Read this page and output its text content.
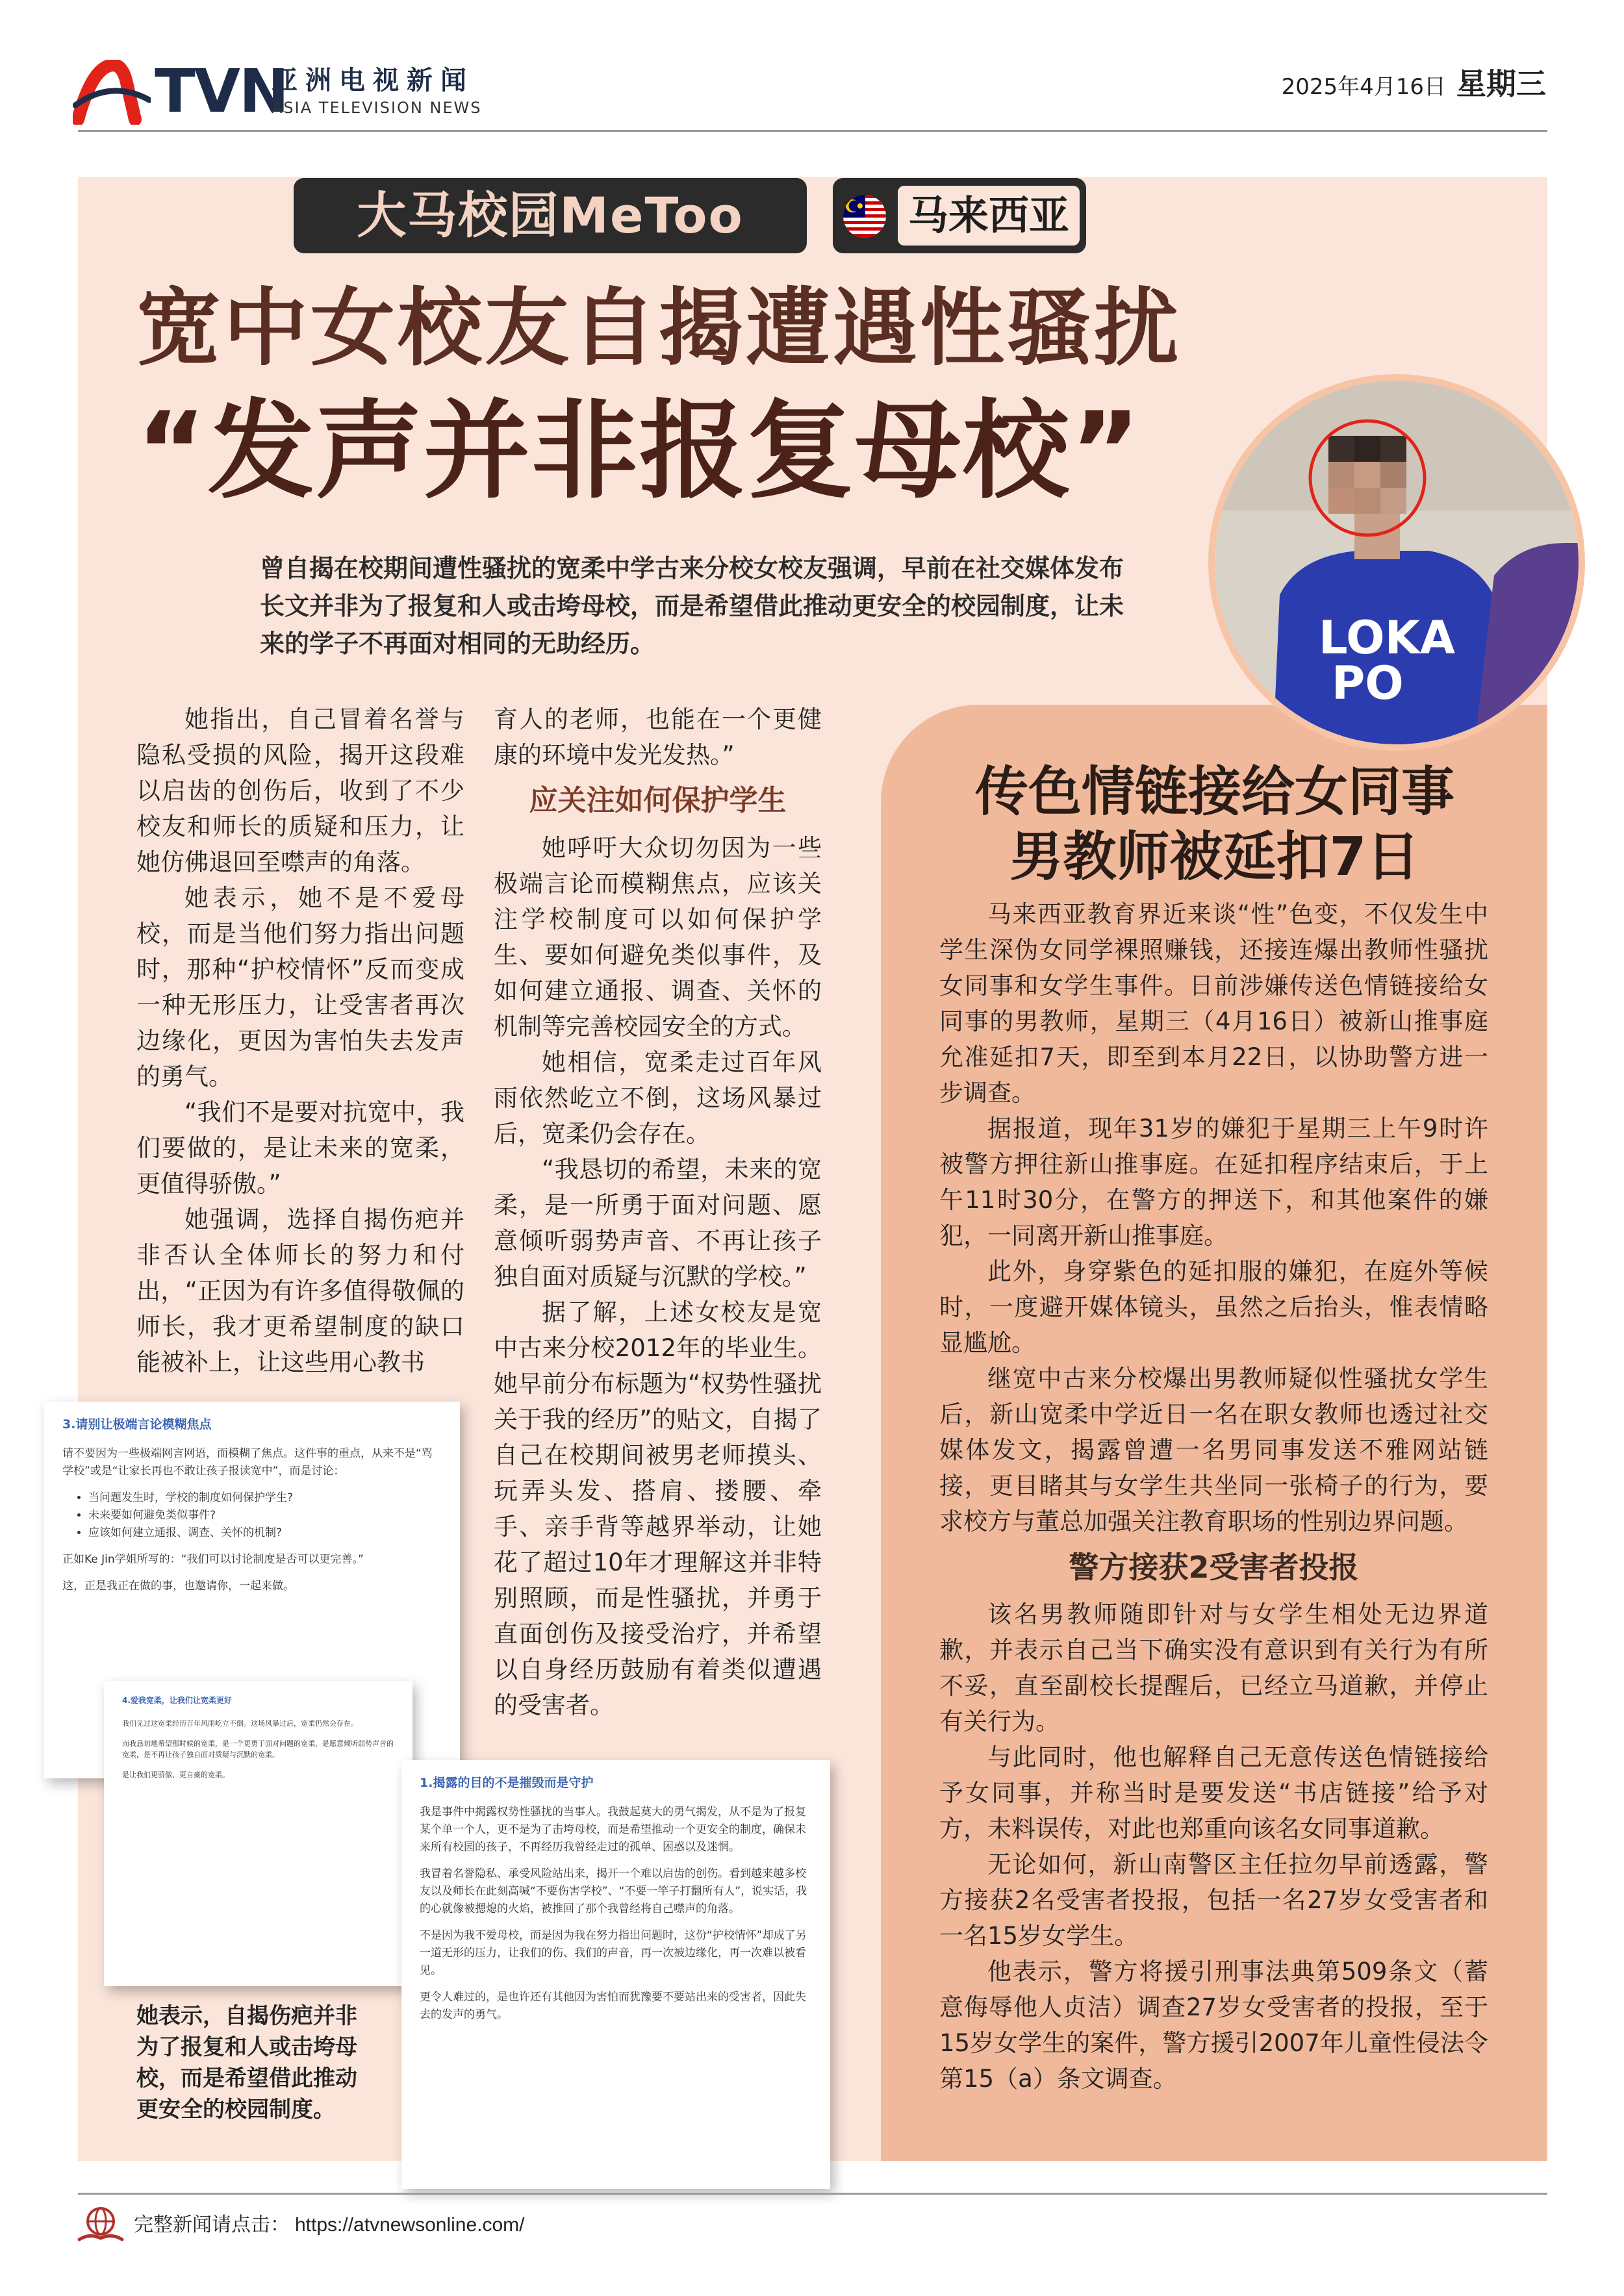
TVN
亚洲电视新闻
ASIA TELEVISION NEWS
2025年4月16日 星期三
大马校园MeToo	马来西亚
宽中女校友自揭遭遇性骚扰
“发声并非报复母校”
LOKA
PO
曾自揭在校期间遭性骚扰的宽柔中学古来分校女校友强调，早前在社交媒体发布长文并非为了报复和人或击垮母校，而是希望借此推动更安全的校园制度，让未来的学子不再面对相同的无助经历。

她指出，自己冒着名誉与隐私受损的风险，揭开这段难以启齿的创伤后，收到了不少校友和师长的质疑和压力，让她仿佛退回至噤声的角落。

她表示，她不是不爱母校，而是当他们努力指出问题时，那种“护校情怀”反而变成一种无形压力，让受害者再次边缘化，更因为害怕失去发声的勇气。

“我们不是要对抗宽中，我们要做的，是让未来的宽柔，更值得骄傲。”

她强调，选择自揭伤疤并非否认全体师长的努力和付出，“正因为有许多值得敬佩的师长，我才更希望制度的缺口能被补上，让这些用心教书

育人的老师，也能在一个更健康的环境中发光发热。”

应关注如何保护学生

她呼吁大众切勿因为一些极端言论而模糊焦点，应该关注学校制度可以如何保护学生、要如何避免类似事件，及如何建立通报、调查、关怀的机制等完善校园安全的方式。

她相信，宽柔走过百年风雨依然屹立不倒，这场风暴过后，宽柔仍会存在。

“我恳切的希望，未来的宽柔，是一所勇于面对问题、愿意倾听弱势声音、不再让孩子独自面对质疑与沉默的学校。”

据了解，上述女校友是宽中古来分校2012年的毕业生。她早前分布标题为“权势性骚扰 关于我的经历”的贴文，自揭了自己在校期间被男老师摸头、玩弄头发、搭肩、搂腰、牵手、亲手背等越界举动，让她花了超过10年才理解这并非特别照顾，而是性骚扰，并勇于直面创伤及接受治疗，并希望以自身经历鼓励有着类似遭遇的受害者。

她表示，自揭伤疤并非为了报复和人或击垮母校，而是希望借此推动更安全的校园制度。
传色情链接给女同事
男教师被延扣7日

马来西亚教育界近来谈“性”色变，不仅发生中学生深伪女同学裸照赚钱，还接连爆出教师性骚扰女同事和女学生事件。日前涉嫌传送色情链接给女同事的男教师，星期三（4月16日）被新山推事庭允准延扣7天，即至到本月22日，以协助警方进一步调查。

据报道，现年31岁的嫌犯于星期三上午9时许被警方押往新山推事庭。在延扣程序结束后，于上午11时30分，在警方的押送下，和其他案件的嫌犯，一同离开新山推事庭。

此外，身穿紫色的延扣服的嫌犯，在庭外等候时，一度避开媒体镜头，虽然之后抬头，惟表情略显尴尬。

继宽中古来分校爆出男教师疑似性骚扰女学生后，新山宽柔中学近日一名在职女教师也透过社交媒体发文，揭露曾遭一名男同事发送不雅网站链接，更目睹其与女学生共坐同一张椅子的行为，要求校方与董总加强关注教育职场的性别边界问题。

警方接获2受害者投报

该名男教师随即针对与女学生相处无边界道歉，并表示自己当下确实没有意识到有关行为有所不妥，直至副校长提醒后，已经立马道歉，并停止有关行为。

与此同时，他也解释自己无意传送色情链接给予女同事，并称当时是要发送“书店链接”给予对方，未料误传，对此也郑重向该名女同事道歉。

无论如何，新山南警区主任拉勿早前透露，警方接获2名受害者投报，包括一名27岁女受害者和一名15岁女学生。

他表示，警方将援引刑事法典第509条文（蓄意侮辱他人贞洁）调查27岁女受害者的投报，至于15岁女学生的案件，警方援引2007年儿童性侵法令第15（a）条文调查。

3.请别让极端言论模糊焦点

请不要因为一些极端网言网语，而模糊了焦点。这件事的重点，从来不是“骂学校”或是“让家长再也不敢让孩子报读宽中”，而是讨论：

• 当问题发生时，学校的制度如何保护学生?
• 未来要如何避免类似事件?
• 应该如何建立通报、调查、关怀的机制?

正如Ke Jin学姐所写的：“我们可以讨论制度是否可以更完善。”

这，正是我正在做的事，也邀请你，一起来做。

4.爱我宽柔，让我们让宽柔更好

我们见过这宽柔经历百年风雨屹立不倒。这场风暴过后，宽柔仍然会存在。

而我恳切地希望那时候的宽柔，是一个更勇于面对问题的宽柔，是愿意倾听弱势声音的宽柔，是不再让孩子独自面对质疑与沉默的宽柔。

是让我们更骄傲、更自豪的宽柔。

1.揭露的目的不是摧毁而是守护

我是事件中揭露权势性骚扰的当事人。我鼓起莫大的勇气揭发，从不是为了报复某个单一个人，更不是为了击垮母校，而是希望推动一个更安全的制度，确保未来所有校园的孩子，不再经历我曾经走过的孤单、困惑以及迷惘。

我冒着名誉隐私、承受风险站出来，揭开一个难以启齿的创伤。看到越来越多校友以及师长在此刻高喊“不要伤害学校”、“不要一竿子打翻所有人”，说实话，我的心就像被摁熄的火焰，被推回了那个我曾经将自己噤声的角落。

不是因为我不爱母校，而是因为我在努力指出问题时，这份“护校情怀”却成了另一道无形的压力，让我们的伤、我们的声音，再一次被边缘化，再一次难以被看见。

更令人难过的，是也许还有其他因为害怕而犹豫要不要站出来的受害者，因此失去的发声的勇气。

完整新闻请点击： https://atvnewsonline.com/
